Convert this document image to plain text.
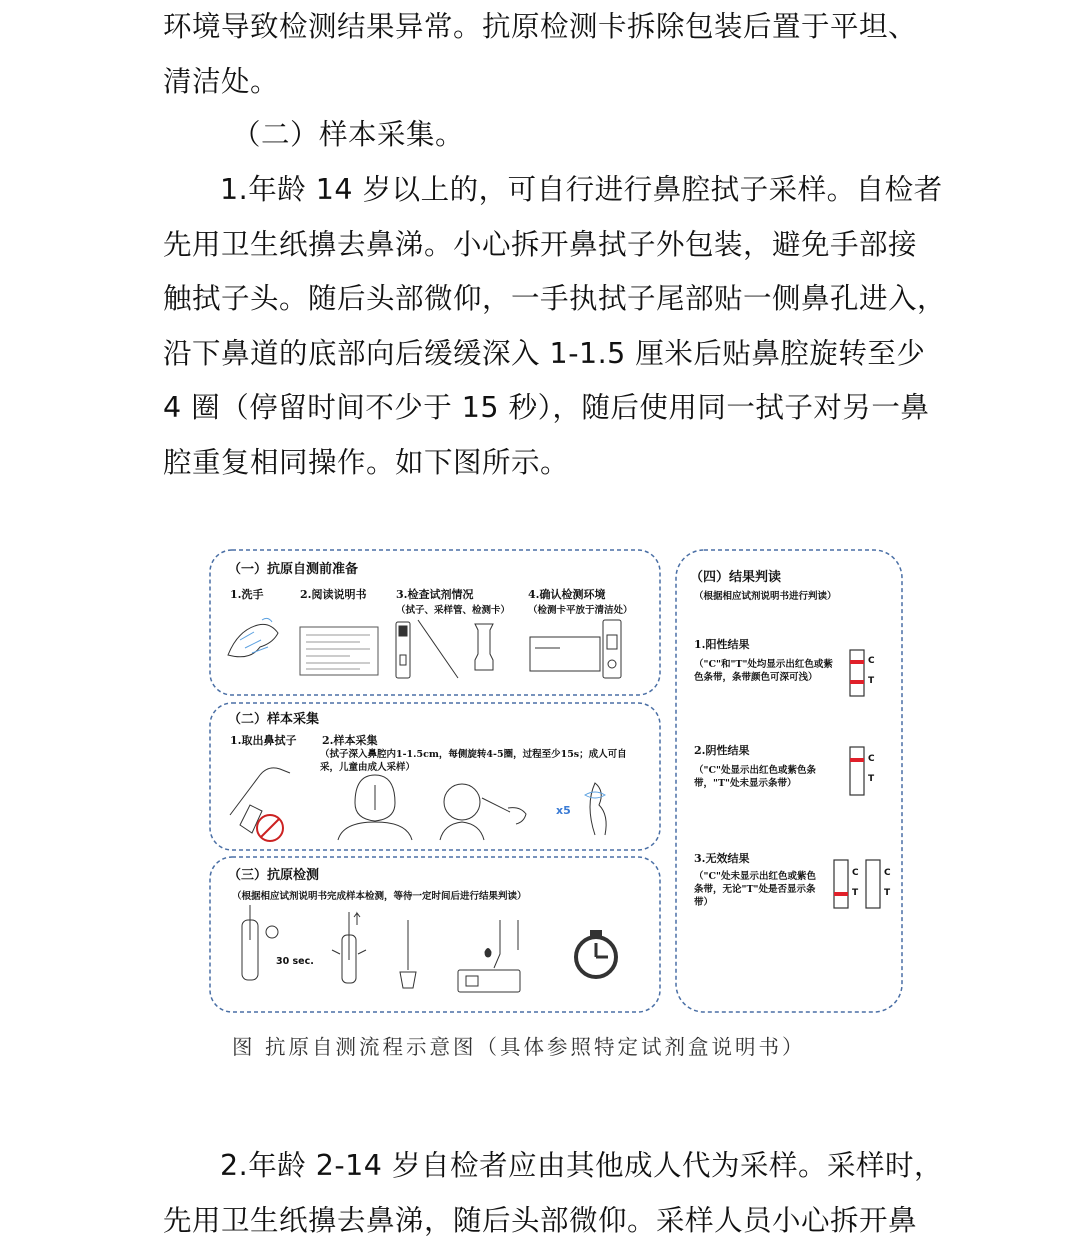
环境导致检测结果异常。抗原检测卡拆除包装后置于平坦、
清洁处。

（二）样本采集。

1.年龄 14 岁以上的，可自行进行鼻腔拭子采样。自检者
先用卫生纸擤去鼻涕。小心拆开鼻拭子外包装，避免手部接
触拭子头。随后头部微仰，一手执拭子尾部贴一侧鼻孔进入，
沿下鼻道的底部向后缓缓深入 1-1.5 厘米后贴鼻腔旋转至少
4 圈（停留时间不少于 15 秒），随后使用同一拭子对另一鼻
腔重复相同操作。如下图所示。

（一）抗原自测前准备
1.洗手	2.阅读说明书	3.检查试剂情况	4.确认检测环境
（拭子、采样管、检测卡） （检测卡平放于清洁处）
（二）样本采集
1.取出鼻拭子 2.样本采集
（拭子深入鼻腔内1-1.5cm，每侧旋转4-5圈，过程至少15s；成人可自采，儿童由成人采样）
x5
（三）抗原检测
（根据相应试剂说明书完成样本检测，等待一定时间后进行结果判读）
30 sec.
（四）结果判读
（根据相应试剂说明书进行判读）
1.阳性结果
（"C"和"T"处均显示出红色或紫色条带，条带颜色可深可浅）
C
T
2.阴性结果
（"C"处显示出红色或紫色条带，"T"处未显示条带）
C
T
3.无效结果
（"C"处未显示出红色或紫色条带，无论"T"处是否显示条带）
C
T
C
T
图 抗原自测流程示意图（具体参照特定试剂盒说明书）

2.年龄 2-14 岁自检者应由其他成人代为采样。采样时，
先用卫生纸擤去鼻涕，随后头部微仰。采样人员小心拆开鼻
